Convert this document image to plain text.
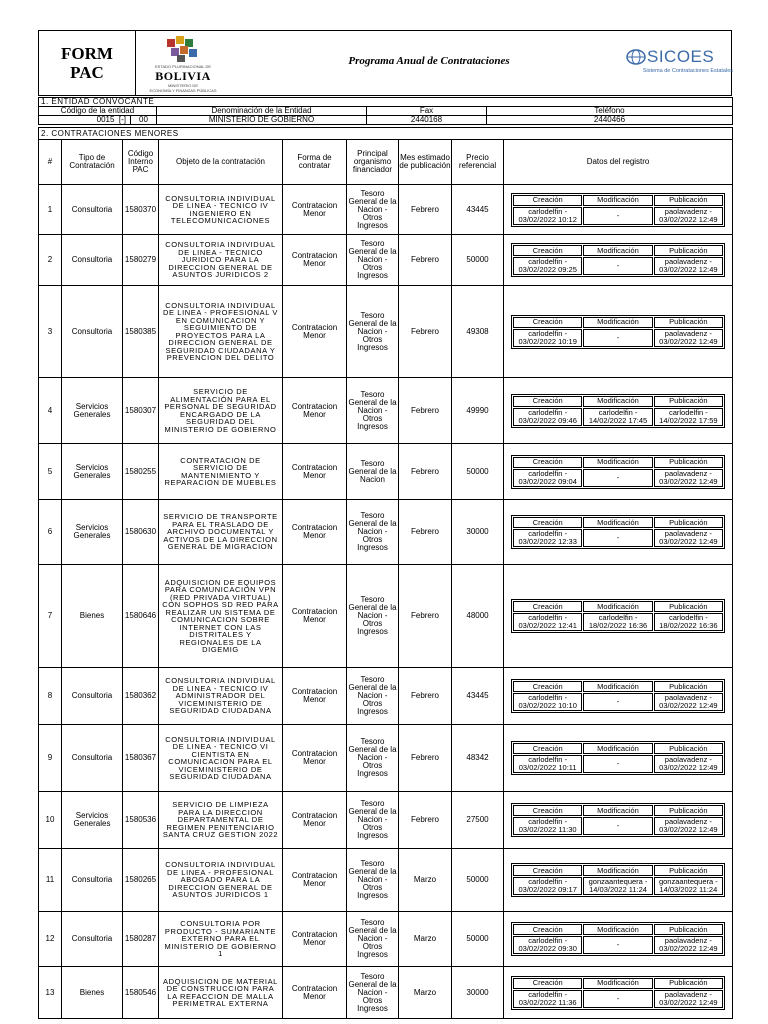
FORM
PAC	ESTADO PLURINACIONAL DE
BOLIVIA
MINISTERIO DE
ECONOMÍA Y FINANZAS PÚBLICAS
Programa Anual de Contrataciones	SICOES
Sistema de Contrataciones Estatales
1. ENTIDAD CONVOCANTE				
Código de la entidad		Denominación de la Entidad	Fax	Teléfono
0015 [-]	00	MINISTERIO DE GOBIERNO	2440168	2440466
2. CONTRATACIONES MENORES
#	Tipo de Contratación	Código Interno PAC	Objeto de la contratación	Forma de contratar	Principal organismo financiador	Mes estimado de publicación	Precio referencial	Datos del registro
1	Consultoria	1580370	CONSULTORIA INDIVIDUAL DE LINEA - TECNICO IV INGENIERO EN TELECOMUNICACIONES	Contratacion Menor	Tesoro General de la Nacion - Otros Ingresos	Febrero	43445	
Creación	Modificación	Publicación
carlodelfin - 03/02/2022 10:12	-	paolavadenz - 03/02/2022 12:49

2	Consultoria	1580279	CONSULTORIA INDIVIDUAL DE LINEA - TECNICO JURIDICO PARA LA DIRECCION GENERAL DE ASUNTOS JURIDICOS 2	Contratacion Menor	Tesoro General de la Nacion - Otros Ingresos	Febrero	50000	
Creación	Modificación	Publicación
carlodelfin - 03/02/2022 09:25	-	paolavadenz - 03/02/2022 12:49

3	Consultoria	1580385	CONSULTORIA INDIVIDUAL DE LINEA - PROFESIONAL V EN COMUNICACION Y SEGUIMIENTO DE PROYECTOS PARA LA DIRECCION GENERAL DE SEGURIDAD CIUDADANA Y PREVENCION DEL DELITO	Contratacion Menor	Tesoro General de la Nacion - Otros Ingresos	Febrero	49308	
Creación	Modificación	Publicación
carlodelfin - 03/02/2022 10:19	-	paolavadenz - 03/02/2022 12:49

4	Servicios Generales	1580307	SERVICIO DE ALIMENTACIÓN PARA EL PERSONAL DE SEGURIDAD ENCARGADO DE LA SEGURIDAD DEL MINISTERIO DE GOBIERNO	Contratacion Menor	Tesoro General de la Nacion - Otros Ingresos	Febrero	49990	
Creación	Modificación	Publicación
carlodelfin - 03/02/2022 09:46	carlodelfin - 14/02/2022 17:45	carlodelfin - 14/02/2022 17:59

5	Servicios Generales	1580255	CONTRATACION DE SERVICIO DE MANTENIMIENTO Y REPARACION DE MUEBLES	Contratacion Menor	Tesoro General de la Nacion	Febrero	50000	
Creación	Modificación	Publicación
carlodelfin - 03/02/2022 09:04	-	paolavadenz - 03/02/2022 12:49

6	Servicios Generales	1580630	SERVICIO DE TRANSPORTE PARA EL TRASLADO DE ARCHIVO DOCUMENTAL Y ACTIVOS DE LA DIRECCION GENERAL DE MIGRACION	Contratacion Menor	Tesoro General de la Nacion - Otros Ingresos	Febrero	30000	
Creación	Modificación	Publicación
carlodelfin - 03/02/2022 12:33	-	paolavadenz - 03/02/2022 12:49

7	Bienes	1580646	ADQUISICION DE EQUIPOS PARA COMUNICACION VPN (RED PRIVADA VIRTUAL) CON SOPHOS SD RED PARA REALIZAR UN SISTEMA DE COMUNICACION SOBRE INTERNET CON LAS DISTRITALES Y REGIONALES DE LA DIGEMIG	Contratacion Menor	Tesoro General de la Nacion - Otros Ingresos	Febrero	48000	
Creación	Modificación	Publicación
carlodelfin - 03/02/2022 12:41	carlodelfin - 18/02/2022 16:36	carlodelfin - 18/02/2022 16:36

8	Consultoria	1580362	CONSULTORIA INDIVIDUAL DE LINEA - TECNICO IV ADMINISTRADOR DEL VICEMINISTERIO DE SEGURIDAD CIUDADANA	Contratacion Menor	Tesoro General de la Nacion - Otros Ingresos	Febrero	43445	
Creación	Modificación	Publicación
carlodelfin - 03/02/2022 10:10	-	paolavadenz - 03/02/2022 12:49

9	Consultoria	1580367	CONSULTORIA INDIVIDUAL DE LINEA - TECNICO VI CIENTISTA EN COMUNICACION PARA EL VICEMINISTERIO DE SEGURIDAD CIUDADANA	Contratacion Menor	Tesoro General de la Nacion - Otros Ingresos	Febrero	48342	
Creación	Modificación	Publicación
carlodelfin - 03/02/2022 10:11	-	paolavadenz - 03/02/2022 12:49

10	Servicios Generales	1580536	SERVICIO DE LIMPIEZA PARA LA DIRECCION DEPARTAMENTAL DE REGIMEN PENITENCIARIO SANTA CRUZ GESTION 2022	Contratacion Menor	Tesoro General de la Nacion - Otros Ingresos	Febrero	27500	
Creación	Modificación	Publicación
carlodelfin - 03/02/2022 11:30	-	paolavadenz - 03/02/2022 12:49

11	Consultoria	1580265	CONSULTORIA INDIVIDUAL DE LINEA - PROFESIONAL ABOGADO PARA LA DIRECCION GENERAL DE ASUNTOS JURIDICOS 1	Contratacion Menor	Tesoro General de la Nacion - Otros Ingresos	Marzo	50000	
Creación	Modificación	Publicación
carlodelfin - 03/02/2022 09:17	gonzaantequera - 14/03/2022 11:24	gonzaantequera - 14/03/2022 11:24

12	Consultoria	1580287	CONSULTORIA POR PRODUCTO - SUMARIANTE EXTERNO PARA EL MINISTERIO DE GOBIERNO 1	Contratacion Menor	Tesoro General de la Nacion - Otros Ingresos	Marzo	50000	
Creación	Modificación	Publicación
carlodelfin - 03/02/2022 09:30	-	paolavadenz - 03/02/2022 12:49

13	Bienes	1580546	ADQUISICION DE MATERIAL DE CONSTRUCCION PARA LA REFACCION DE MALLA PERIMETRAL EXTERNA	Contratacion Menor	Tesoro General de la Nacion - Otros Ingresos	Marzo	30000	
Creación	Modificación	Publicación
carlodelfin - 03/02/2022 11:36	-	paolavadenz - 03/02/2022 12:49
